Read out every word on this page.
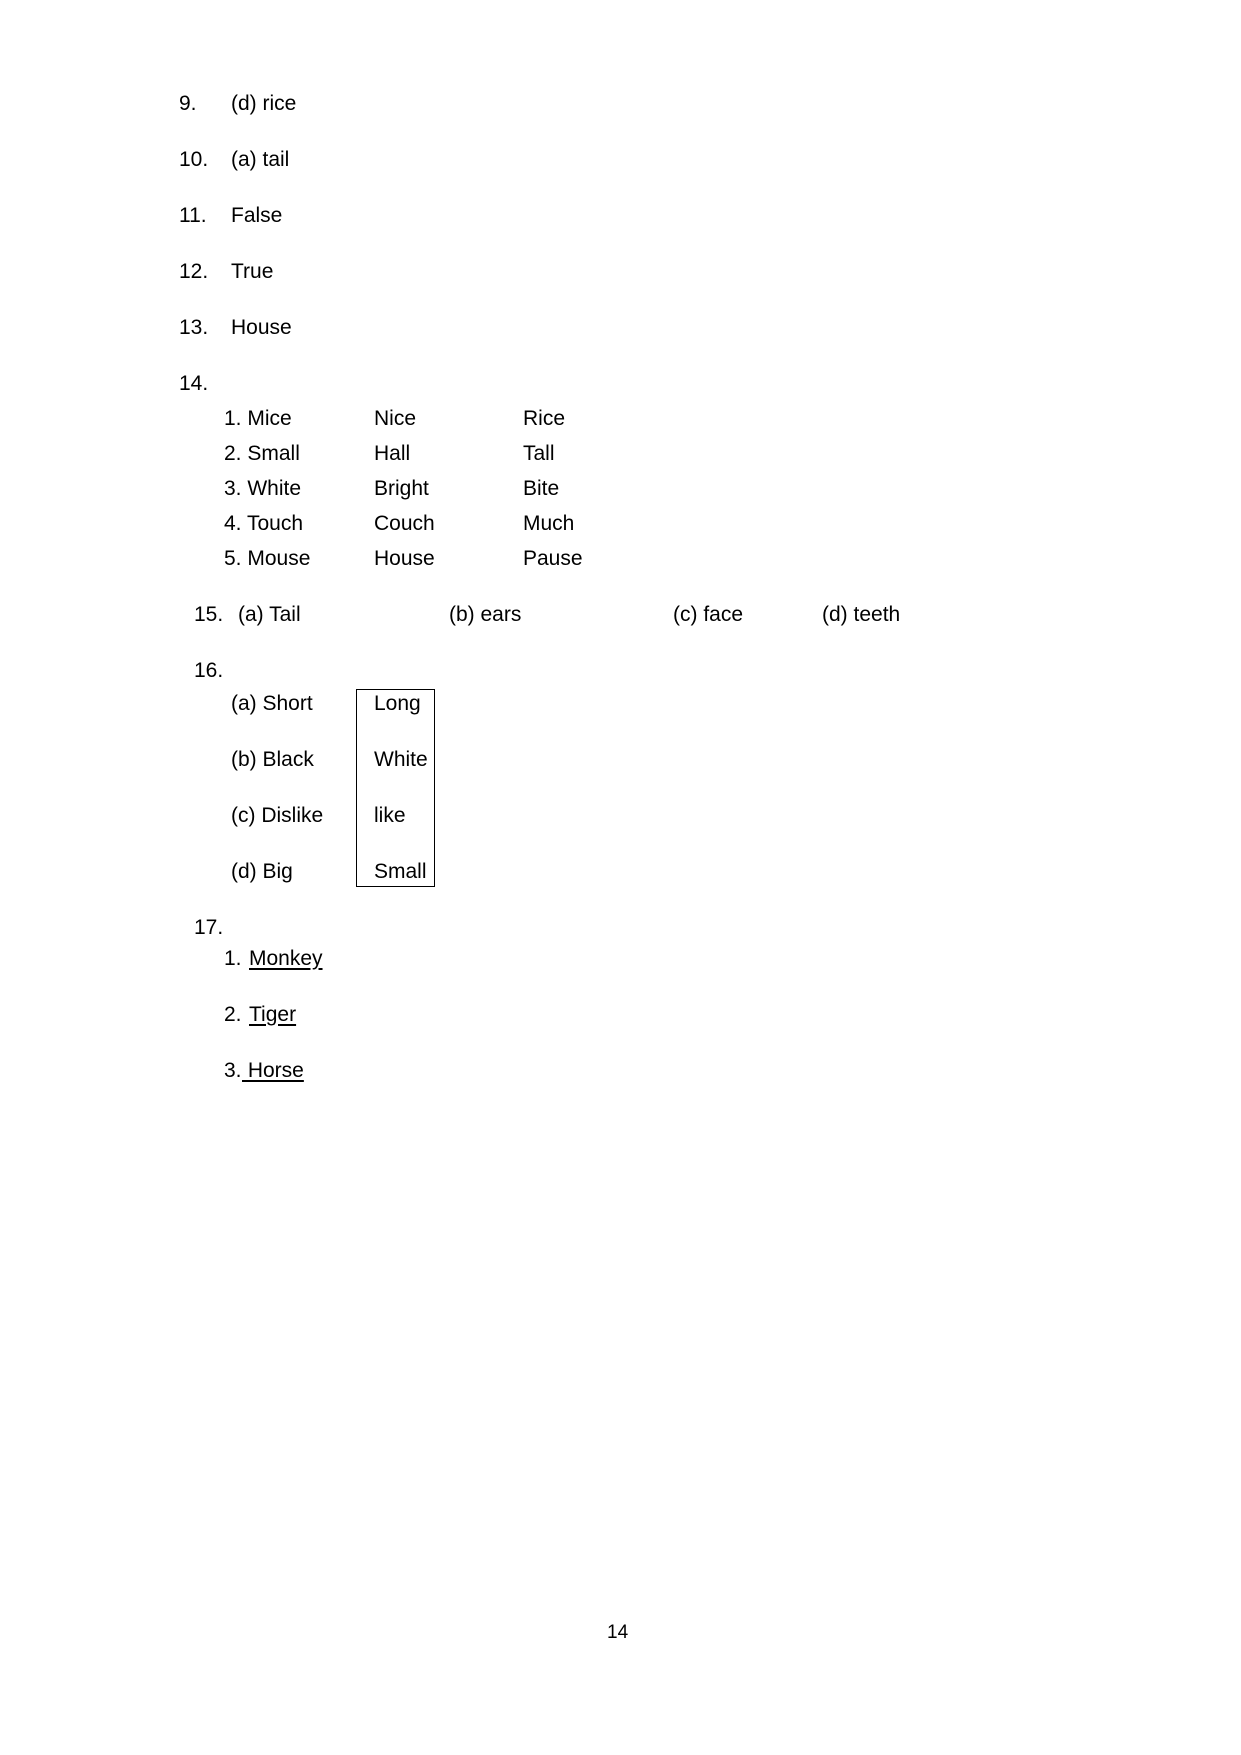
9. (d) rice
10. (a) tail
11. False
12. True
13. House
14.
1. Mice	Nice	Rice
2. Small	Hall	Tall
3. White	Bright	Bite
4. Touch	Couch	Much
5. Mouse	House	Pause
15. (a) Tail	(b) ears	(c) face	(d) teeth
16.
(a) Short	Long
(b) Black	White
(c) Dislike like
(d) Big	Small
17.
1. Monkey
2. Tiger
3. Horse
14
